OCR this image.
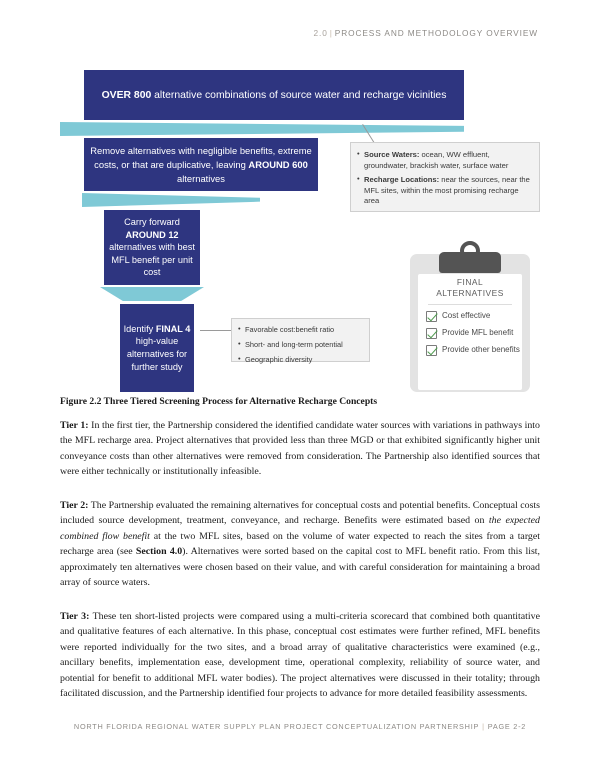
2.0 | PROCESS AND METHODOLOGY OVERVIEW
OVER 800 alternative combinations of source water and recharge vicinities
Remove alternatives with negligible benefits, extreme costs, or that are duplicative, leaving AROUND 600 alternatives
Carry forward AROUND 12 alternatives with best MFL benefit per unit cost
Identify FINAL 4 high-value alternatives for further study
• Source Waters: ocean, WW effluent, groundwater, brackish water, surface water
• Recharge Locations: near the sources, near the MFL sites, within the most promising recharge area
• Favorable cost:benefit ratio
• Short- and long-term potential
• Geographic diversity
FINAL
ALTERNATIVES
Cost effective
Provide MFL benefit
Provide other benefits
Figure 2.2 Three Tiered Screening Process for Alternative Recharge Concepts
Tier 1: In the first tier, the Partnership considered the identified candidate water sources with variations in pathways into the MFL recharge area. Project alternatives that provided less than three MGD or that exhibited significantly higher unit conveyance costs than other alternatives were removed from consideration. The Partnership also identified sources that were either technically or institutionally infeasible.
Tier 2: The Partnership evaluated the remaining alternatives for conceptual costs and potential benefits. Conceptual costs included source development, treatment, conveyance, and recharge. Benefits were estimated based on the expected combined flow benefit at the two MFL sites, based on the volume of water expected to reach the sites from a target recharge area (see Section 4.0). Alternatives were sorted based on the capital cost to MFL benefit ratio. From this list, approximately ten alternatives were chosen based on their value, and with careful consideration for maintaining a broad array of source waters.
Tier 3: These ten short-listed projects were compared using a multi-criteria scorecard that combined both quantitative and qualitative features of each alternative. In this phase, conceptual cost estimates were further refined, MFL benefits were reported individually for the two sites, and a broad array of qualitative characteristics were examined (e.g., ancillary benefits, implementation ease, development time, operational complexity, reliability of source water, and potential for benefit to additional MFL water bodies). The project alternatives were discussed in their totality; through facilitated discussion, and the Partnership identified four projects to advance for more detailed feasibility assessments.
NORTH FLORIDA REGIONAL WATER SUPPLY PLAN PROJECT CONCEPTUALIZATION PARTNERSHIP | PAGE 2-2
